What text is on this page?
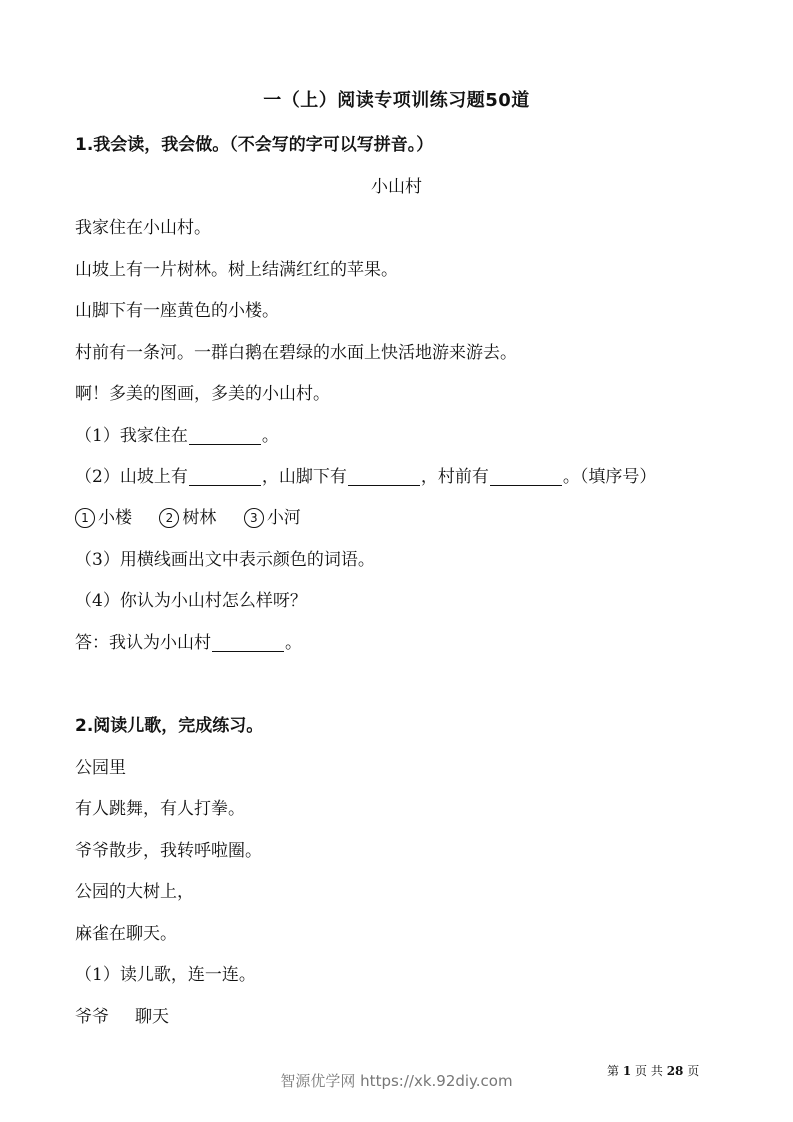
一（上）阅读专项训练习题50道
1.我会读，我会做。（不会写的字可以写拼音。）
小山村
我家住在小山村。
山坡上有一片树林。树上结满红红的苹果。
山脚下有一座黄色的小楼。
村前有一条河。一群白鹅在碧绿的水面上快活地游来游去。
啊！多美的图画，多美的小山村。
（1）我家住在	。
（2）山坡上有	，山脚下有	，村前有	。（填序号）
1 小楼	2 树林	3 小河
（3）用横线画出文中表示颜色的词语。
（4）你认为小山村怎么样呀？
答：我认为小山村	。
2.阅读儿歌，完成练习。
公园里
有人跳舞，有人打拳。
爷爷散步，我转呼啦圈。
公园的大树上，
麻雀在聊天。
（1）读儿歌，连一连。
爷爷 聊天
第 1 页 共 28 页
智源优学网 https://xk.92diy.com
